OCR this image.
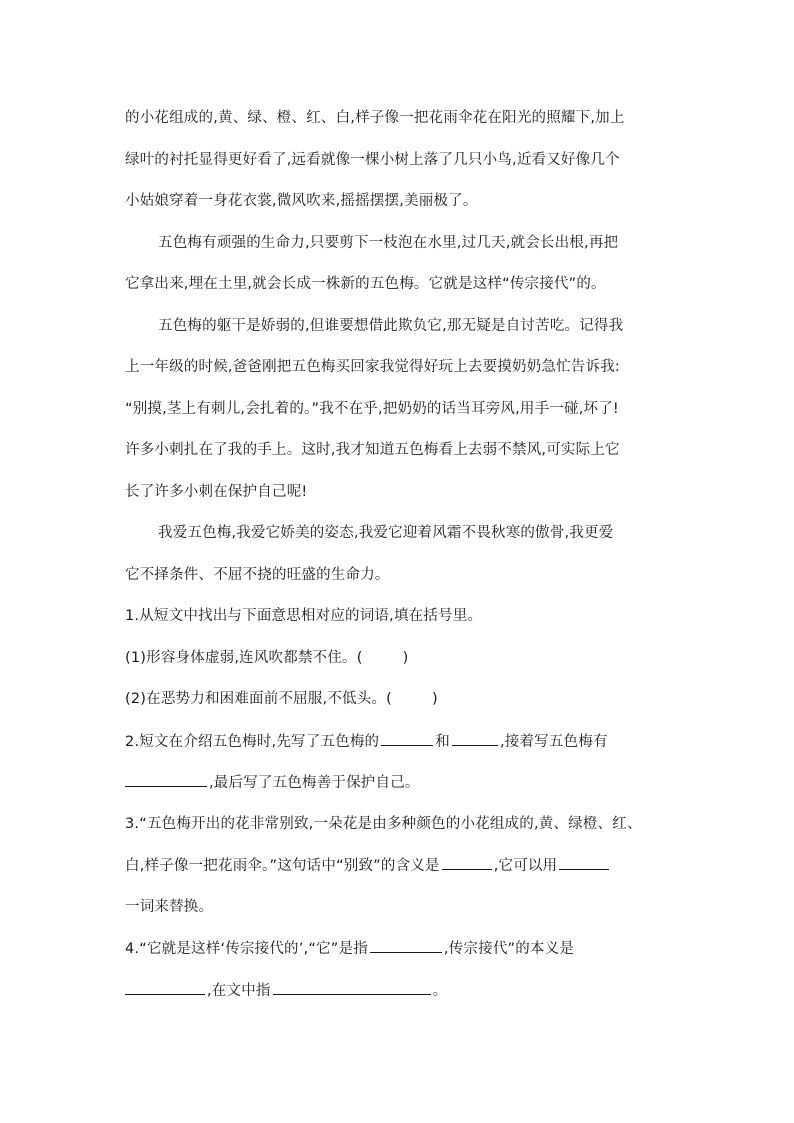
的小花组成的,黄、绿、橙、红、白,样子像一把花雨伞花在阳光的照耀下,加上
绿叶的衬托显得更好看了,远看就像一棵小树上落了几只小鸟,近看又好像几个
小姑娘穿着一身花衣裳,微风吹来,摇摇摆摆,美丽极了。
五色梅有顽强的生命力,只要剪下一枝泡在水里,过几天,就会长出根,再把
它拿出来,埋在土里,就会长成一株新的五色梅。它就是这样“传宗接代”的。
五色梅的躯干是娇弱的,但谁要想借此欺负它,那无疑是自讨苦吃。记得我
上一年级的时候,爸爸刚把五色梅买回家我觉得好玩上去要摸奶奶急忙告诉我:
“别摸,茎上有刺儿,会扎着的。”我不在乎,把奶奶的话当耳旁风,用手一碰,坏了!
许多小刺扎在了我的手上。这时,我才知道五色梅看上去弱不禁风,可实际上它
长了许多小刺在保护自己呢!
我爱五色梅,我爱它娇美的姿态,我爱它迎着风霜不畏秋寒的傲骨,我更爱
它不择条件、不屈不挠的旺盛的生命力。
1.从短文中找出与下面意思相对应的词语,填在括号里。
(1)形容身体虚弱,连风吹都禁不住。(	)
(2)在恶势力和困难面前不屈服,不低头。(	)
2.短文在介绍五色梅时,先写了五色梅的	和	,接着写五色梅有
,最后写了五色梅善于保护自己。
3.“五色梅开出的花非常别致,一朵花是由多种颜色的小花组成的,黄、绿橙、红、
白,样子像一把花雨伞。”这句话中“别致”的含义是	,它可以用
一词来替换。
4.“它就是这样‘传宗接代的’,“它”是指	,传宗接代”的本义是
,在文中指	。
